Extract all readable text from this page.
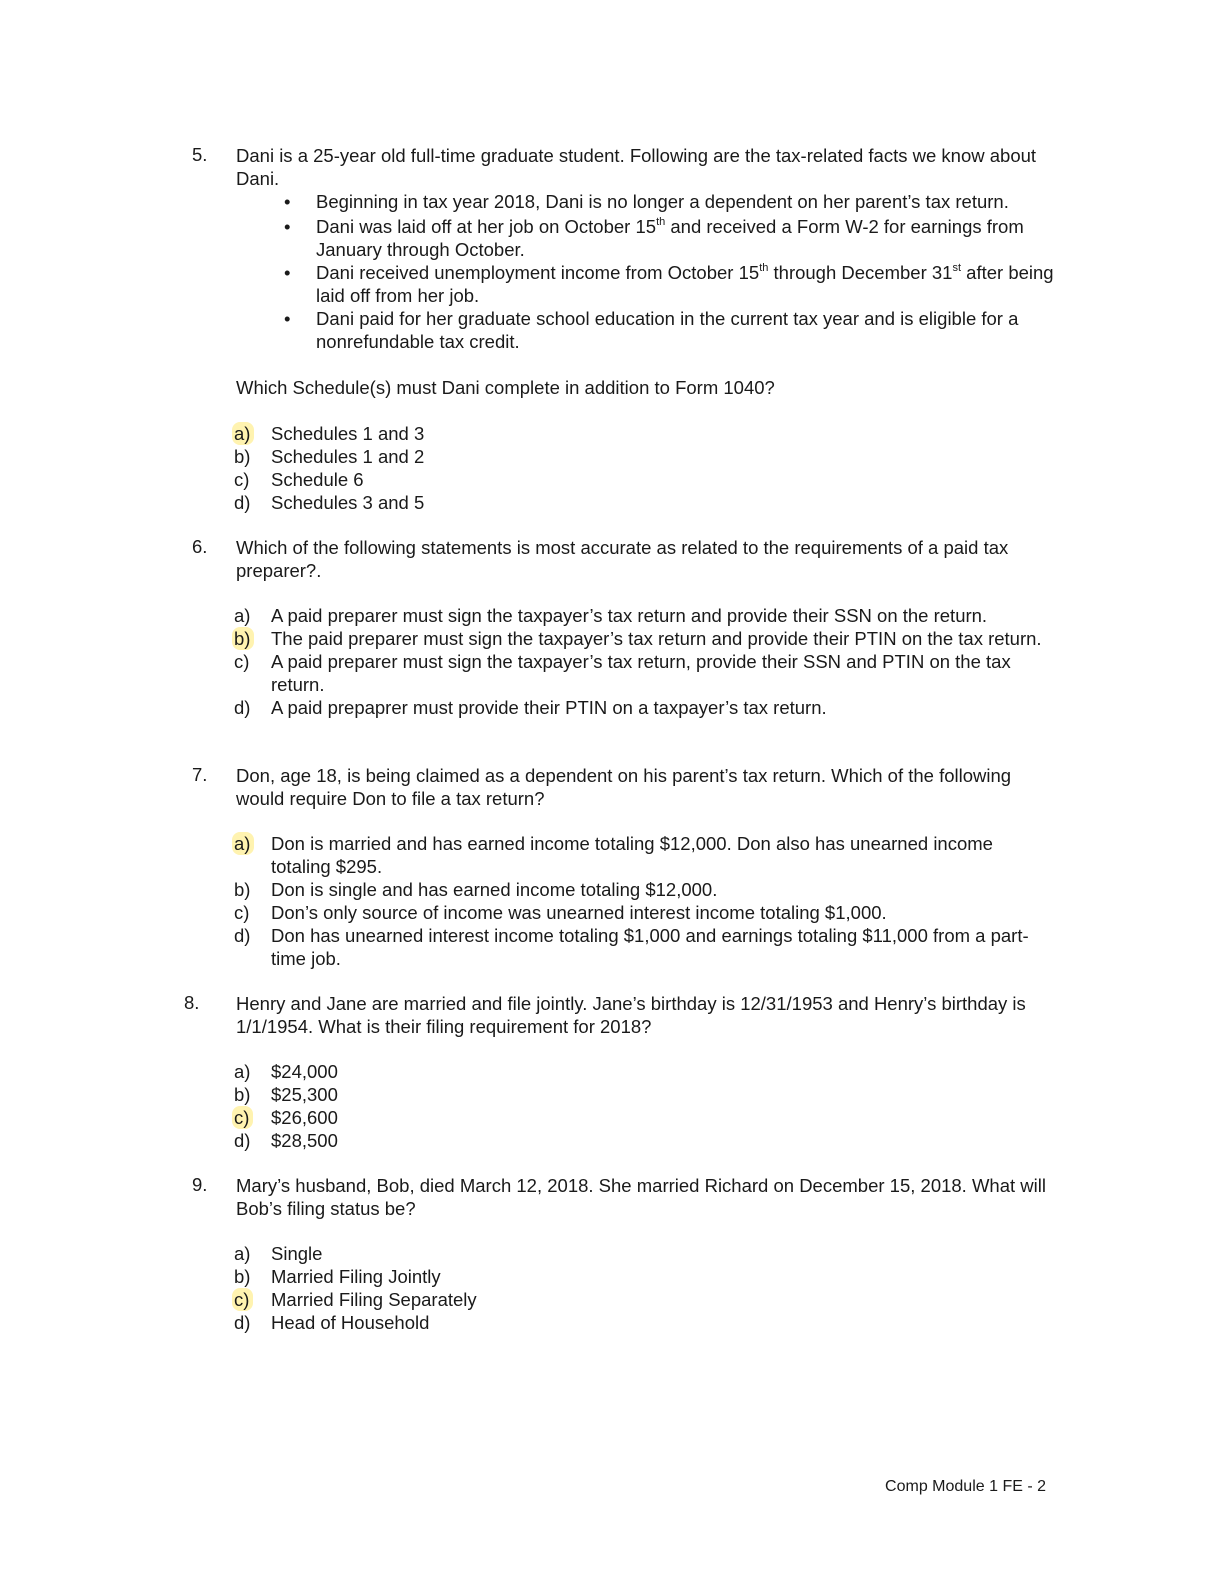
5. Dani is a 25-year old full-time graduate student. Following are the tax-related facts we know about Dani.
• Beginning in tax year 2018, Dani is no longer a dependent on her parent’s tax return.
• Dani was laid off at her job on October 15th and received a Form W-2 for earnings from January through October.
• Dani received unemployment income from October 15th through December 31st after being laid off from her job.
• Dani paid for her graduate school education in the current tax year and is eligible for a nonrefundable tax credit.
Which Schedule(s) must Dani complete in addition to Form 1040?
a) Schedules 1 and 3
b) Schedules 1 and 2
c) Schedule 6
d) Schedules 3 and 5
6. Which of the following statements is most accurate as related to the requirements of a paid tax preparer?.
a) A paid preparer must sign the taxpayer’s tax return and provide their SSN on the return.
b) The paid preparer must sign the taxpayer’s tax return and provide their PTIN on the tax return.
c) A paid preparer must sign the taxpayer’s tax return, provide their SSN and PTIN on the tax return.
d) A paid prepaprer must provide their PTIN on a taxpayer’s tax return.
7. Don, age 18, is being claimed as a dependent on his parent’s tax return. Which of the following would require Don to file a tax return?
a) Don is married and has earned income totaling $12,000. Don also has unearned income totaling $295.
b) Don is single and has earned income totaling $12,000.
c) Don’s only source of income was unearned interest income totaling $1,000.
d) Don has unearned interest income totaling $1,000 and earnings totaling $11,000 from a part-time job.
8. Henry and Jane are married and file jointly. Jane’s birthday is 12/31/1953 and Henry’s birthday is 1/1/1954. What is their filing requirement for 2018?
a) $24,000
b) $25,300
c) $26,600
d) $28,500
9. Mary’s husband, Bob, died March 12, 2018. She married Richard on December 15, 2018. What will Bob’s filing status be?
a) Single
b) Married Filing Jointly
c) Married Filing Separately
d) Head of Household
Comp Module 1 FE - 2
